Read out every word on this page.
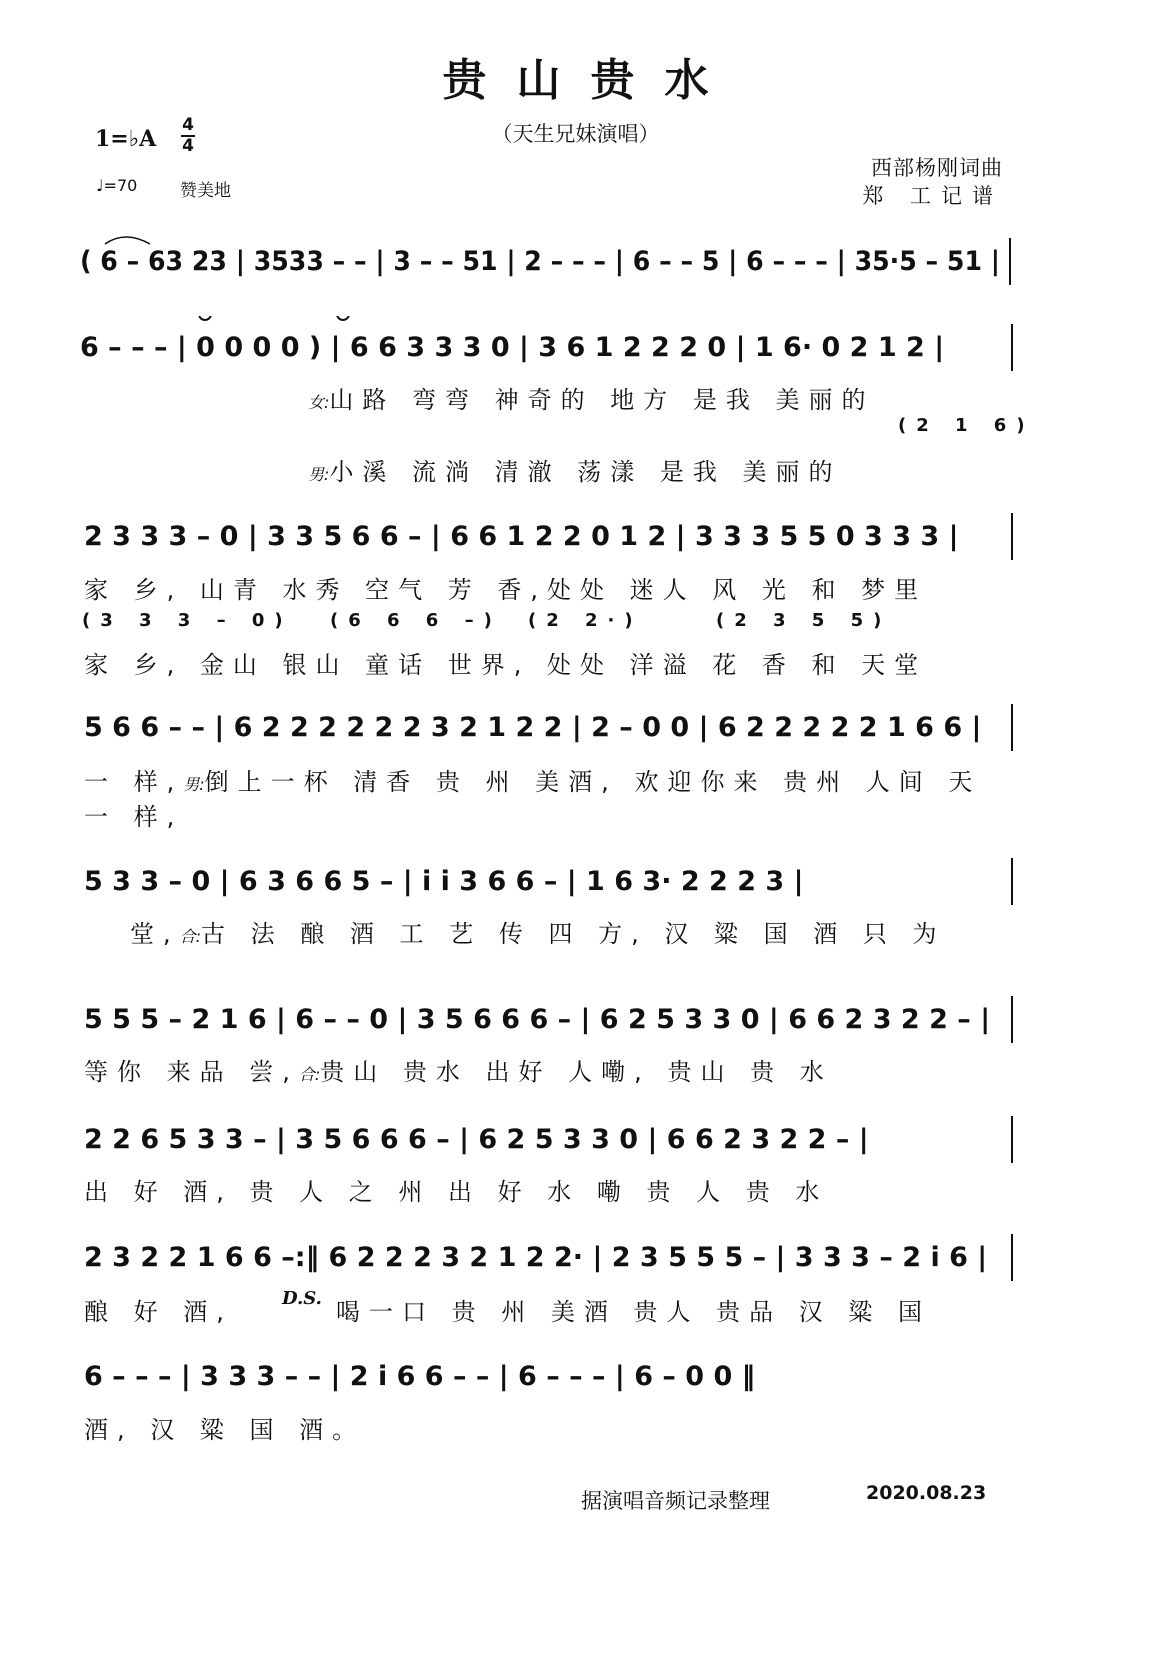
贵山贵水
（天生兄妹演唱）
1=♭A
4
4
♩=70	赞美地
西部杨刚词曲
郑 工记谱
( 6 – 63 23 | 3533 – – | 3 – – 51 | 2 – – – | 6 – – 5 | 6 – – – | 35·5 – 51 |
6 – – – | 0 0 0 0 ) | 6 6 3 3 3 0 | 3 6 1 2 2 2 0 | 1 6· 0 2 1 2 |
女:山路 弯弯 神奇的 地方 是我 美丽的
(2 1 6)
男:小溪 流淌 清澈 荡漾 是我 美丽的
2 3 3 3 – 0 | 3 3 5 6 6 – | 6 6 1 2 2 0 1 2 | 3 3 3 5 5 0 3 3 3 |
家 乡, 山青 水秀 空气 芳 香,处处 迷人 风 光 和 梦里
(3 3 3 – 0) (6 6 6 –) (2 2·)	(2 3 5 5)
家 乡, 金山 银山 童话 世界, 处处 洋溢 花 香 和 天堂
5 6 6 – – | 6 2 2 2 2 2 2 3 2 1 2 2 | 2 – 0 0 | 6 2 2 2 2 2 1 6 6 |
一 样,男:倒上一杯 清香 贵 州 美酒, 欢迎你来 贵州 人间 天
一 样,
5 3 3 – 0 | 6 3 6 6 5 – | i i 3 6 6 – | 1 6 3· 2 2 2 3 |
堂,合:古 法 酿 酒 工 艺 传 四 方, 汉 粱 国 酒 只 为
5 5 5 – 2 1 6 | 6 – – 0 | 3 5 6 6 6 – | 6 2 5 3 3 0 | 6 6 2 3 2 2 – |
等你 来品 尝,合:贵山 贵水 出好 人嘞, 贵山 贵 水
2 2 6 5 3 3 – | 3 5 6 6 6 – | 6 2 5 3 3 0 | 6 6 2 3 2 2 – |
出 好 酒, 贵 人 之 州 出 好 水 嘞 贵 人 贵 水
2 3 2 2 1 6 6 –:‖ 6 2 2 2 3 2 1 2 2· | 2 3 5 5 5 – | 3 3 3 – 2 i 6 |
酿 好 酒,	D.S. 喝一口 贵 州 美酒 贵人 贵品 汉 粱 国
6 – – – | 3 3 3 – – | 2 i 6 6 – – | 6 – – – | 6 – 0 0 ‖
酒, 汉 粱 国 酒。
据演唱音频记录整理	2020.08.23
